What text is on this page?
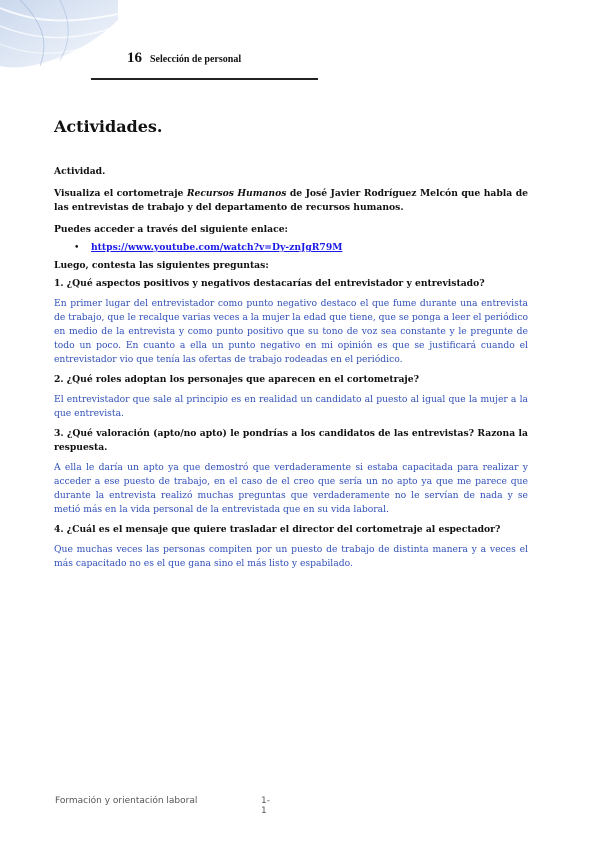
16 Selección de personal
Actividades.

Actividad.

Visualiza el cortometraje Recursos Humanos de José Javier Rodríguez Melcón que habla de las entrevistas de trabajo y del departamento de recursos humanos.

Puedes acceder a través del siguiente enlace:

• https://www.youtube.com/watch?v=Dy-znJgR79M

Luego, contesta las siguientes preguntas:

1. ¿Qué aspectos positivos y negativos destacarías del entrevistador y entrevistado?

En primer lugar del entrevistador como punto negativo destaco el que fume durante una entrevista de trabajo, que le recalque varias veces a la mujer la edad que tiene, que se ponga a leer el periódico en medio de la entrevista y como punto positivo que su tono de voz sea constante y le pregunte de todo un poco. En cuanto a ella un punto negativo en mi opinión es que se justificará cuando el entrevistador vio que tenía las ofertas de trabajo rodeadas en el periódico.

2. ¿Qué roles adoptan los personajes que aparecen en el cortometraje?

El entrevistador que sale al principio es en realidad un candidato al puesto al igual que la mujer a la que entrevista.

3. ¿Qué valoración (apto/no apto) le pondrías a los candidatos de las entrevistas? Razona la respuesta.

A ella le daría un apto ya que demostró que verdaderamente si estaba capacitada para realizar y acceder a ese puesto de trabajo, en el caso de el creo que sería un no apto ya que me parece que durante la entrevista realizó muchas preguntas que verdaderamente no le servían de nada y se metió más en la vida personal de la entrevistada que en su vida laboral.

4. ¿Cuál es el mensaje que quiere trasladar el director del cortometraje al espectador?

Que muchas veces las personas compiten por un puesto de trabajo de distinta manera y a veces el más capacitado no es el que gana sino el más listo y espabilado.

Formación y orientación laboral	1-1
